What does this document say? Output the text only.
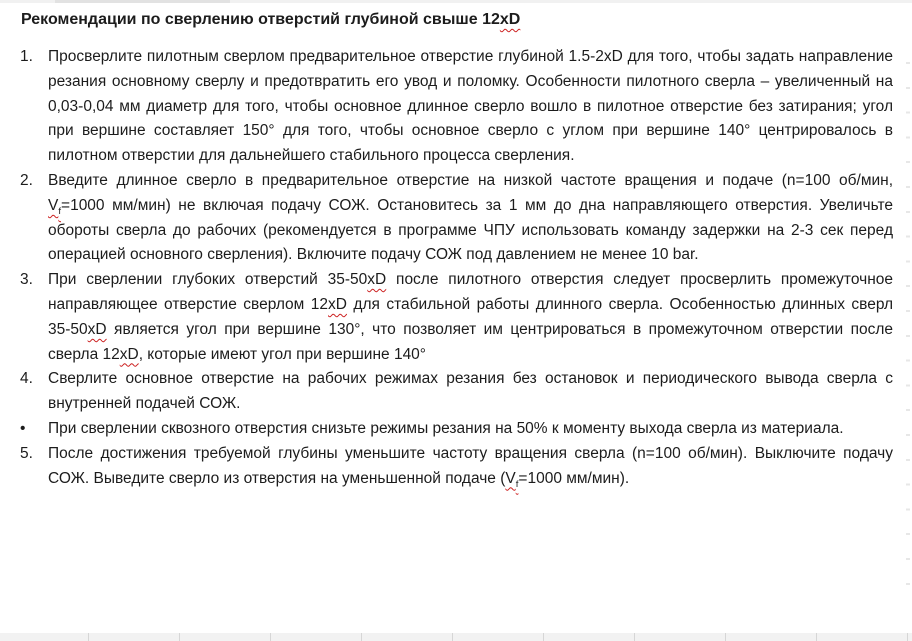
Рекомендации по сверлению отверстий глубиной свыше 12xD
1. Просверлите пилотным сверлом предварительное отверстие глубиной 1.5-2xD для того, чтобы задать направление резания основному сверлу и предотвратить его увод и поломку. Особенности пилотного сверла – увеличенный на 0,03-0,04 мм диаметр для того, чтобы основное длинное сверло вошло в пилотное отверстие без затирания; угол при вершине составляет 150° для того, чтобы основное сверло с углом при вершине 140° центрировалось в пилотном отверстии для дальнейшего стабильного процесса сверления.

2. Введите длинное сверло в предварительное отверстие на низкой частоте вращения и подаче (n=100 об/мин, $V_f=1000$ мм/мин) не включая подачу СОЖ. Остановитесь за 1 мм до дна направляющего отверстия. Увеличьте обороты сверла до рабочих (рекомендуется в программе ЧПУ использовать команду задержки на 2-3 сек перед операцией основного сверления). Включите подачу СОЖ под давлением не менее 10 bar.

3. При сверлении глубоких отверстий 35-50xD после пилотного отверстия следует просверлить промежуточное направляющее отверстие сверлом 12xD для стабильной работы длинного сверла. Особенностью длинных сверл 35-50xD является угол при вершине 130°, что позволяет им центрироваться в промежуточном отверстии после сверла 12xD, которые имеют угол при вершине 140°

4. Сверлите основное отверстие на рабочих режимах резания без остановок и периодического вывода сверла с внутренней подачей СОЖ.

•	При сверлении сквозного отверстия снизьте режимы резания на 50% к моменту выхода сверла из материала.

5. После достижения требуемой глубины уменьшите частоту вращения сверла (n=100 об/мин). Выключите подачу СОЖ. Выведите сверло из отверстия на уменьшенной подаче ($V_f=1000$ мм/мин).
